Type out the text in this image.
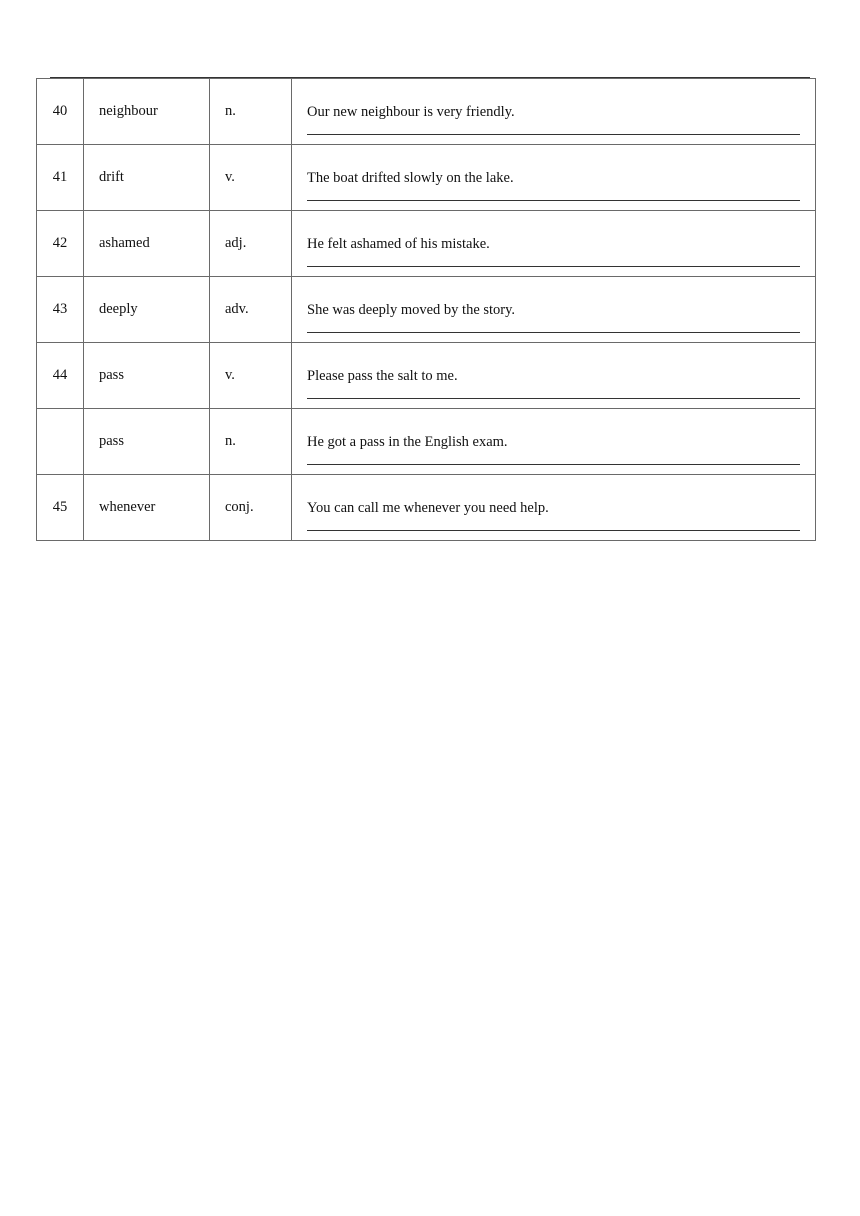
40	neighbour	n.	Our new neighbour is very friendly.

41	drift	v.	The boat drifted slowly on the lake.

42	ashamed	adj.	He felt ashamed of his mistake.

43	deeply	adv.	She was deeply moved by the story.

44	pass	v.	Please pass the salt to me.

	pass	n.	He got a pass in the English exam.

45	whenever	conj.	You can call me whenever you need help.
